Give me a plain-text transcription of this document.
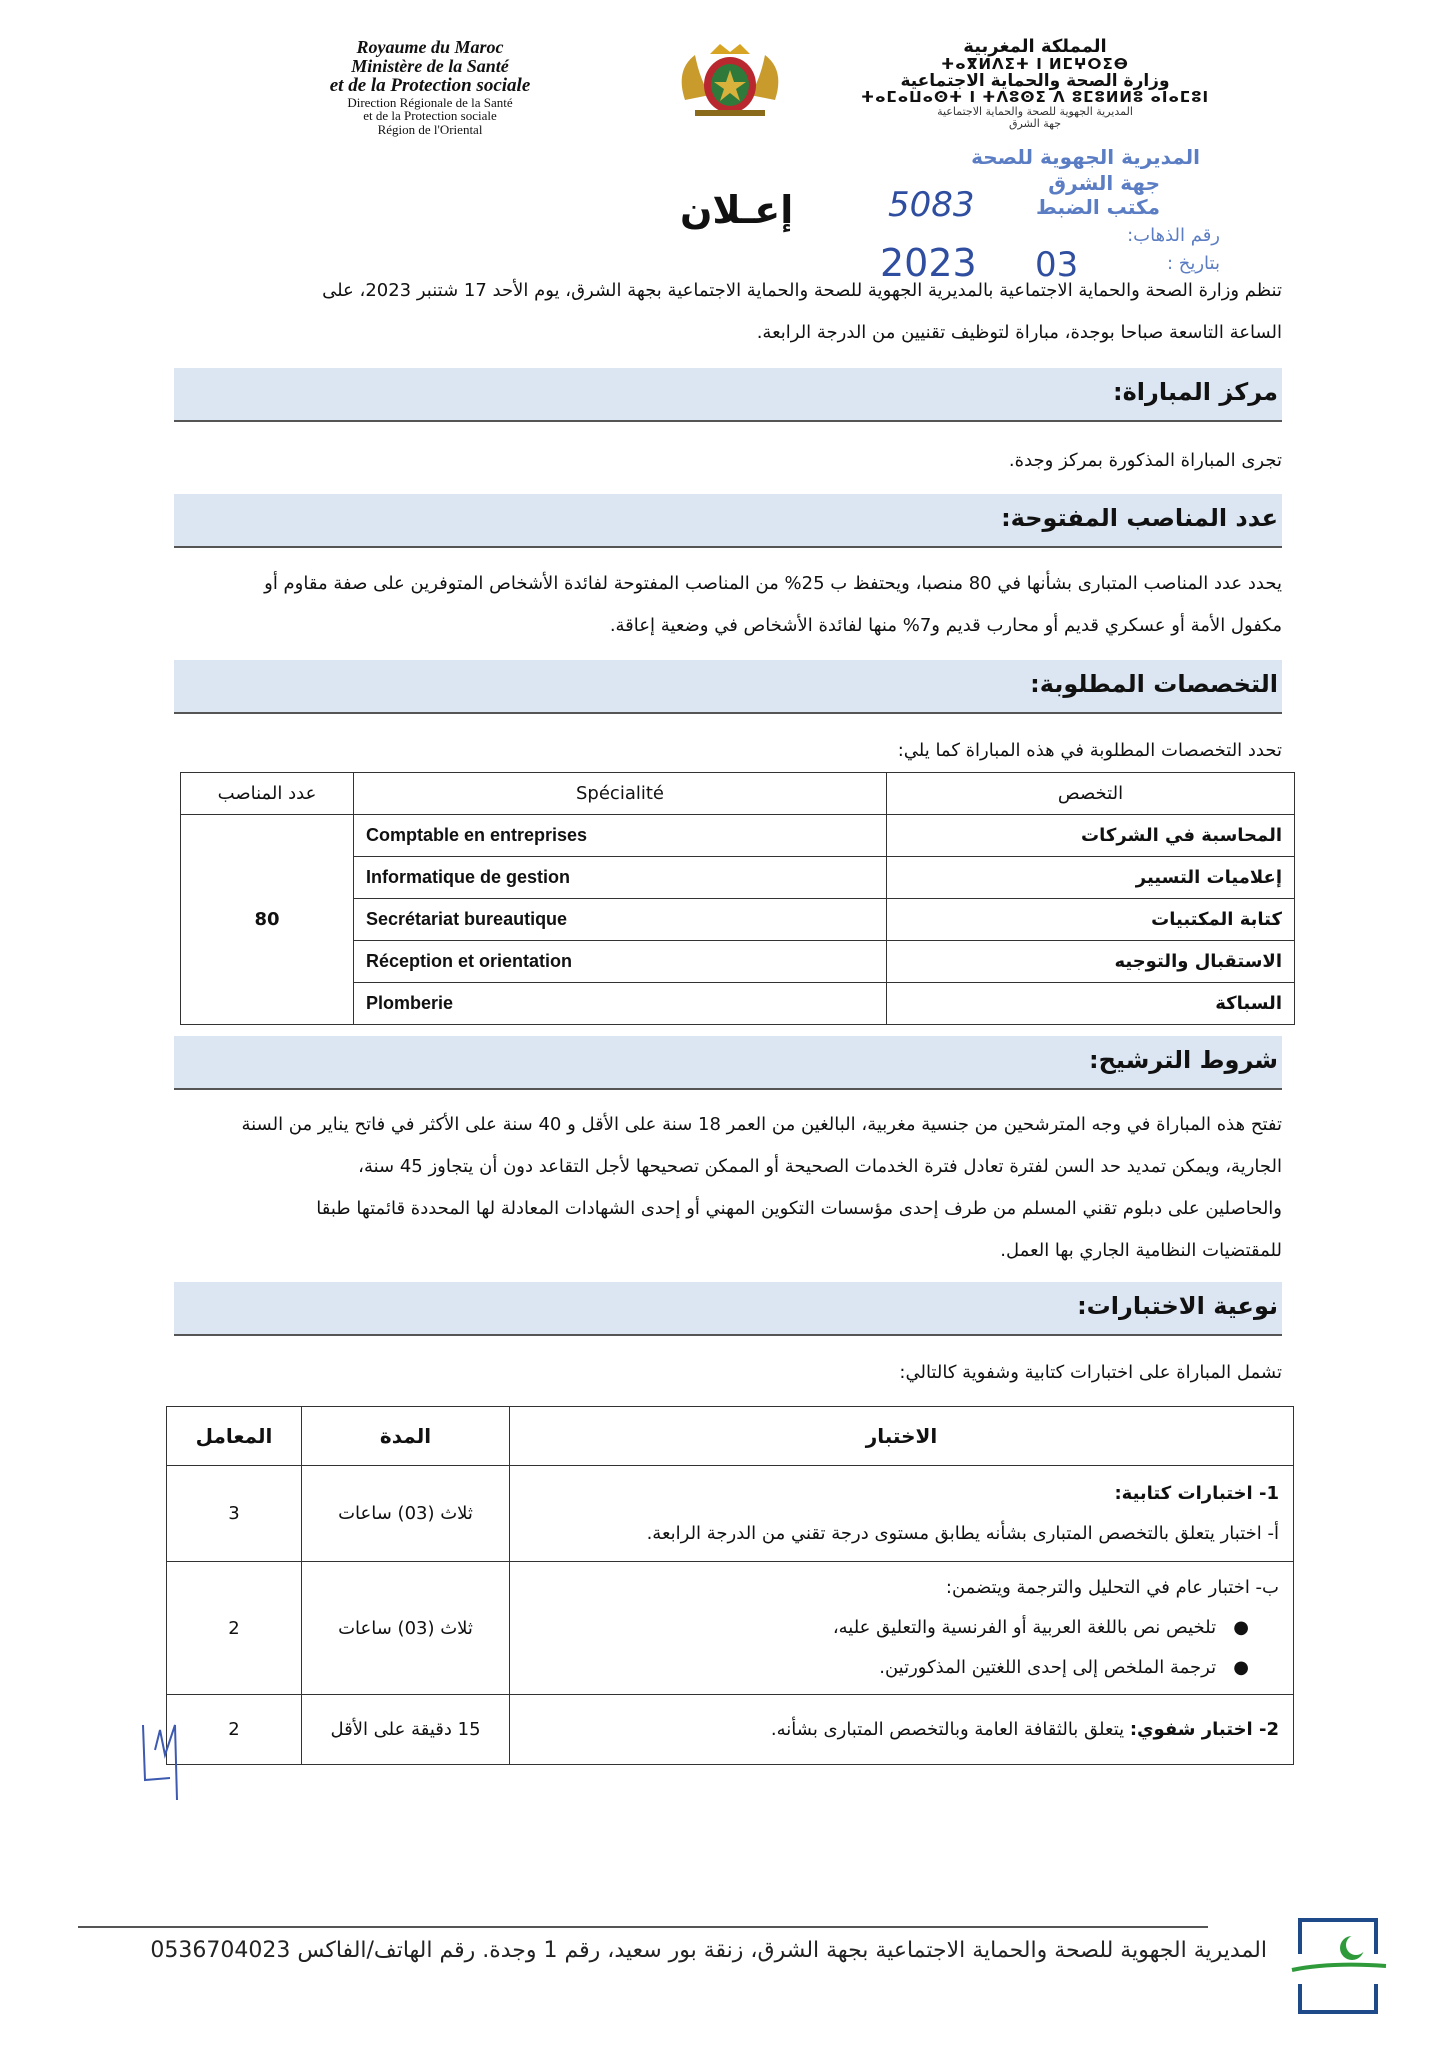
Royaume du Maroc
Ministère de la Santé
et de la Protection sociale
Direction Régionale de la Santé
et de la Protection sociale
Région de l'Oriental
المملكة المغربية
ⵜⴰⴳⵍⴷⵉⵜ ⵏ ⵍⵎⵖⵔⵉⴱ
وزارة الصحة والحماية الاجتماعية
ⵜⴰⵎⴰⵡⴰⵙⵜ ⵏ ⵜⴷⵓⵙⵉ ⴷ ⵓⵎⵓⵍⵍⵓ ⴰⵏⴰⵎⵓⵏ
المديرية الجهوية للصحة والحماية الاجتماعية
جهة الشرق
المديرية الجهوية للصحة
جهة الشرق
مكتب الضبط
رقم الذهاب:
بتاريخ :
5083
2023 03
إعـلان

تنظم وزارة الصحة والحماية الاجتماعية بالمديرية الجهوية للصحة والحماية الاجتماعية بجهة الشرق، يوم الأحد 17 شتنبر 2023، على

الساعة التاسعة صباحا بوجدة، مباراة لتوظيف تقنيين من الدرجة الرابعة.

مركز المباراة:
تجرى المباراة المذكورة بمركز وجدة.
عدد المناصب المفتوحة:

يحدد عدد المناصب المتبارى بشأنها في 80 منصبا، ويحتفظ ب 25% من المناصب المفتوحة لفائدة الأشخاص المتوفرين على صفة مقاوم أو

مكفول الأمة أو عسكري قديم أو محارب قديم و7% منها لفائدة الأشخاص في وضعية إعاقة.

التخصصات المطلوبة:
تحدد التخصصات المطلوبة في هذه المباراة كما يلي:
عدد المناصب	Spécialité	التخصص
80	Comptable en entreprises	المحاسبة في الشركات
	Informatique de gestion	إعلاميات التسيير
	Secrétariat bureautique	كتابة المكتبيات
	Réception et orientation	الاستقبال والتوجيه
	Plomberie	السباكة
شروط الترشيح:

تفتح هذه المباراة في وجه المترشحين من جنسية مغربية، البالغين من العمر 18 سنة على الأقل و 40 سنة على الأكثر في فاتح يناير من السنة

الجارية، ويمكن تمديد حد السن لفترة تعادل فترة الخدمات الصحيحة أو الممكن تصحيحها لأجل التقاعد دون أن يتجاوز 45 سنة،

والحاصلين على دبلوم تقني المسلم من طرف إحدى مؤسسات التكوين المهني أو إحدى الشهادات المعادلة لها المحددة قائمتها طبقا

للمقتضيات النظامية الجاري بها العمل.

نوعية الاختبارات:
تشمل المباراة على اختبارات كتابية وشفوية كالتالي:
المعامل	المدة	الاختبار
3	ثلاث (03) ساعات	1- اختبارات كتابية:
أ- اختبار يتعلق بالتخصص المتبارى بشأنه يطابق مستوى درجة تقني من الدرجة الرابعة.

2	ثلاث (03) ساعات	ب- اختبار عام في التحليل والترجمة ويتضمن:
●   تلخيص نص باللغة العربية أو الفرنسية والتعليق عليه،
●   ترجمة الملخص إلى إحدى اللغتين المذكورتين.

2	15 دقيقة على الأقل	2- اختبار شفوي: يتعلق بالثقافة العامة وبالتخصص المتبارى بشأنه.
المديرية الجهوية للصحة والحماية الاجتماعية بجهة الشرق، زنقة بور سعيد، رقم 1 وجدة. رقم الهاتف/الفاكس 0536704023
